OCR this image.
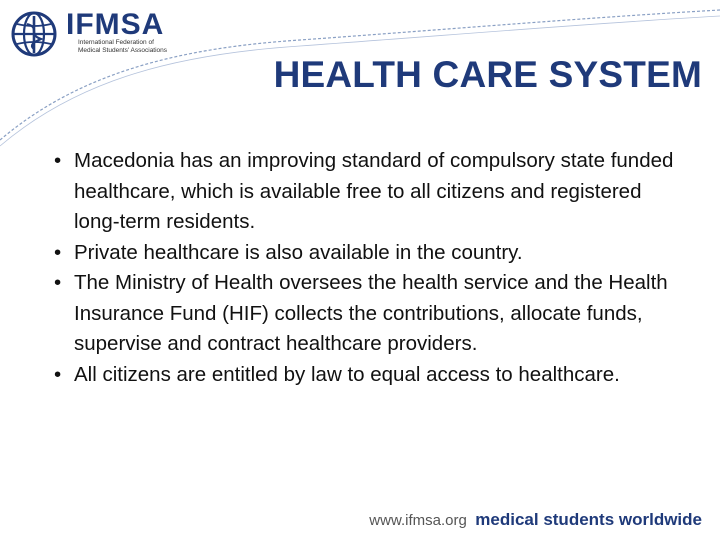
IFMSA
International Federation of
Medical Students' Associations
HEALTH CARE SYSTEM
• Macedonia has an improving standard of compulsory state funded healthcare, which is available free to all citizens and registered long-term residents.
• Private healthcare is also available in the country.
• The Ministry of Health oversees the health service and the Health Insurance Fund (HIF) collects the contributions, allocate funds, supervise and contract healthcare providers.
• All citizens are entitled by law to equal access to healthcare.
www.ifmsa.org medical students worldwide
